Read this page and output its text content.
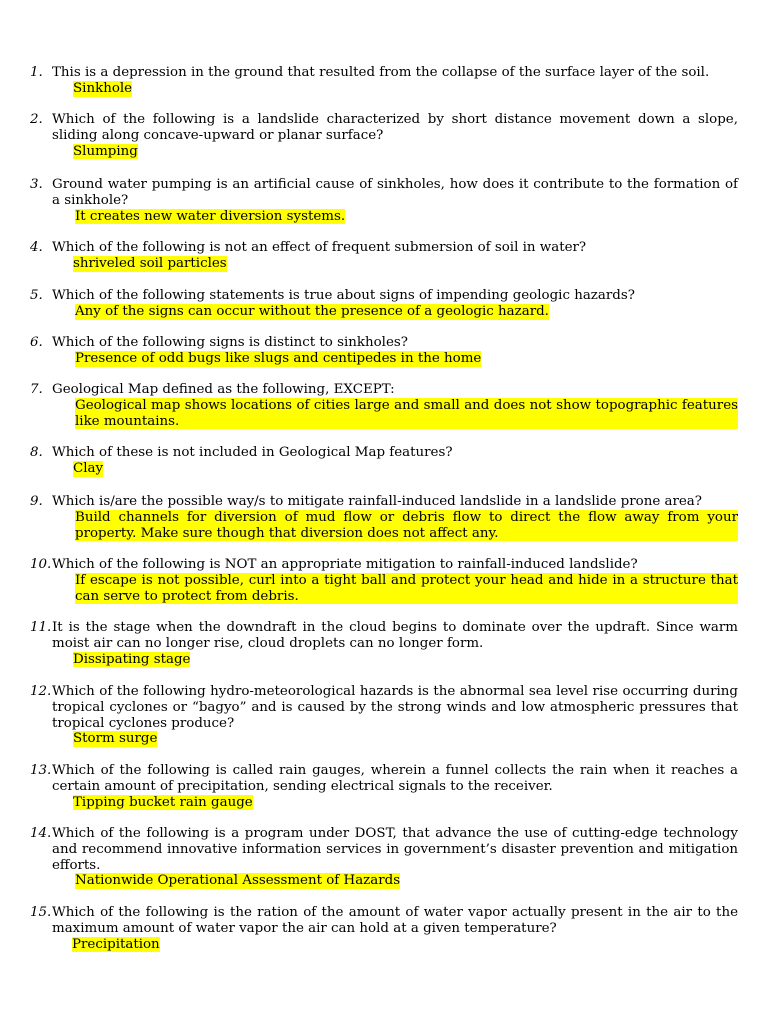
1. This is a depression in the ground that resulted from the collapse of the surface layer of the soil.
Sinkhole
2. Which of the following is a landslide characterized by short distance movement down a slope, sliding along concave-upward or planar surface?
Slumping
3. Ground water pumping is an artificial cause of sinkholes, how does it contribute to the formation of a sinkhole?
It creates new water diversion systems.
4. Which of the following is not an effect of frequent submersion of soil in water?
shriveled soil particles
5. Which of the following statements is true about signs of impending geologic hazards?
Any of the signs can occur without the presence of a geologic hazard.
6. Which of the following signs is distinct to sinkholes?
Presence of odd bugs like slugs and centipedes in the home
7. Geological Map defined as the following, EXCEPT:
Geological map shows locations of cities large and small and does not show topographic features like mountains.
8. Which of these is not included in Geological Map features?
Clay
9. Which is/are the possible way/s to mitigate rainfall-induced landslide in a landslide prone area?
Build channels for diversion of mud flow or debris flow to direct the flow away from your property. Make sure though that diversion does not affect any.
10. Which of the following is NOT an appropriate mitigation to rainfall-induced landslide?
If escape is not possible, curl into a tight ball and protect your head and hide in a structure that can serve to protect from debris.
11. It is the stage when the downdraft in the cloud begins to dominate over the updraft. Since warm moist air can no longer rise, cloud droplets can no longer form.
Dissipating stage
12. Which of the following hydro-meteorological hazards is the abnormal sea level rise occurring during tropical cyclones or “bagyo” and is caused by the strong winds and low atmospheric pressures that tropical cyclones produce?
Storm surge
13. Which of the following is called rain gauges, wherein a funnel collects the rain when it reaches a certain amount of precipitation, sending electrical signals to the receiver.
Tipping bucket rain gauge
14. Which of the following is a program under DOST, that advance the use of cutting-edge technology and recommend innovative information services in government’s disaster prevention and mitigation efforts.
Nationwide Operational Assessment of Hazards
15. Which of the following is the ration of the amount of water vapor actually present in the air to the maximum amount of water vapor the air can hold at a given temperature?
Precipitation
